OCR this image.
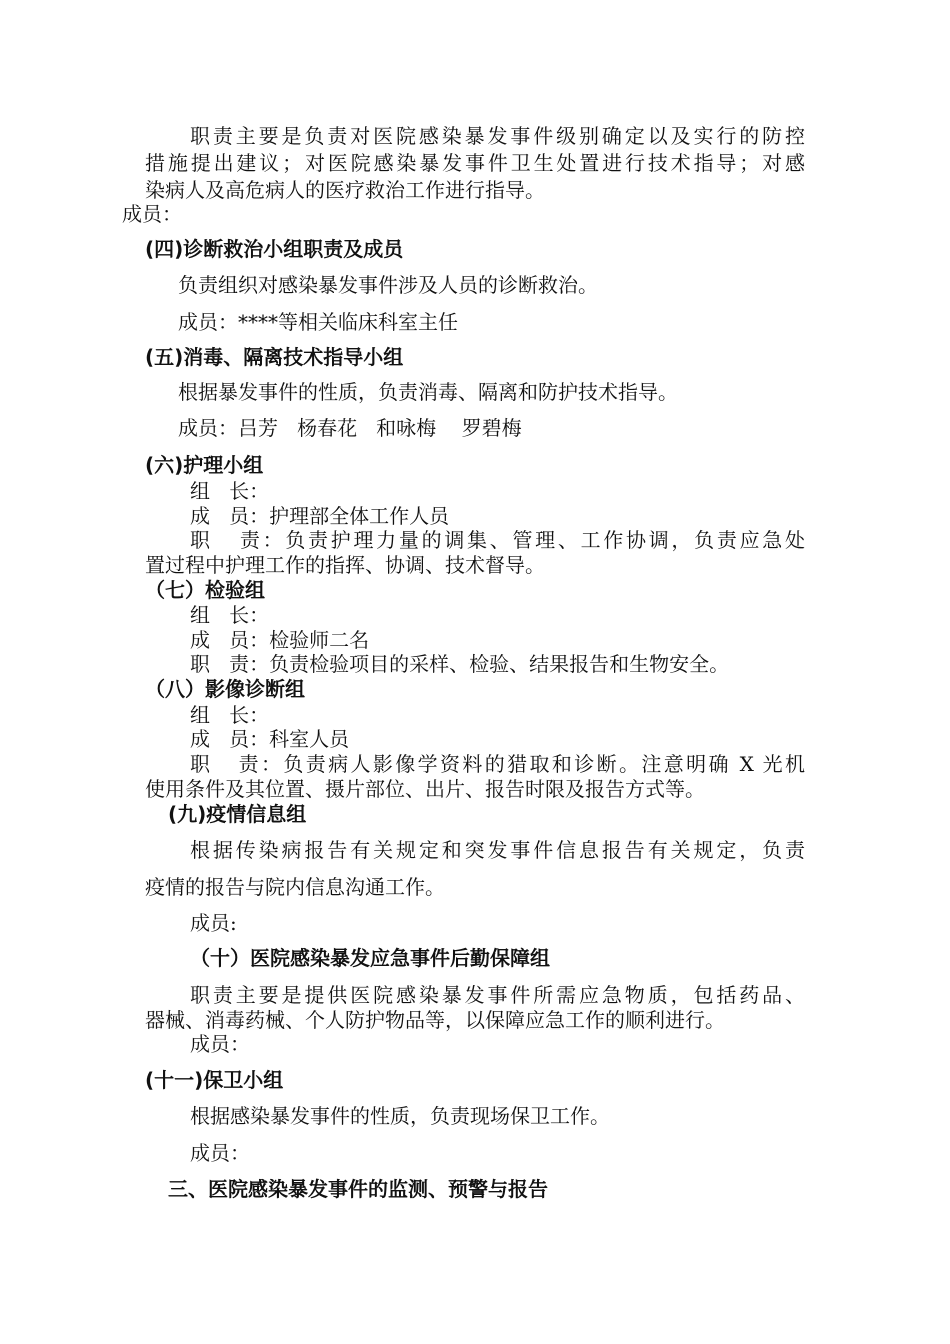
职责主要是负责对医院感染暴发事件级别确定以及实行的防控
措施提出建议；对医院感染暴发事件卫生处置进行技术指导；对感
染病人及高危病人的医疗救治工作进行指导。
成员：
(四)诊断救治小组职责及成员
负责组织对感染暴发事件涉及人员的诊断救治。
成员：****等相关临床科室主任
(五)消毒、隔离技术指导小组
根据暴发事件的性质，负责消毒、隔离和防护技术指导。
成员：吕芳   杨春花   和咏梅    罗碧梅
(六)护理小组
组   长：
成   员：护理部全体工作人员
职   责：负责护理力量的调集、管理、工作协调，负责应急处
置过程中护理工作的指挥、协调、技术督导。
（七）检验组
组   长：
成   员：检验师二名
职   责：负责检验项目的采样、检验、结果报告和生物安全。
（八）影像诊断组
组   长：
成   员：科室人员
职   责：负责病人影像学资料的猎取和诊断。注意明确 X 光机
使用条件及其位置、摄片部位、出片、报告时限及报告方式等。
(九)疫情信息组
根据传染病报告有关规定和突发事件信息报告有关规定，负责
疫情的报告与院内信息沟通工作。
成员:
（十）医院感染暴发应急事件后勤保障组
职责主要是提供医院感染暴发事件所需应急物质，包括药品、
器械、消毒药械、个人防护物品等，以保障应急工作的顺利进行。
成员：
(十一)保卫小组
根据感染暴发事件的性质，负责现场保卫工作。
成员：
三、医院感染暴发事件的监测、预警与报告
